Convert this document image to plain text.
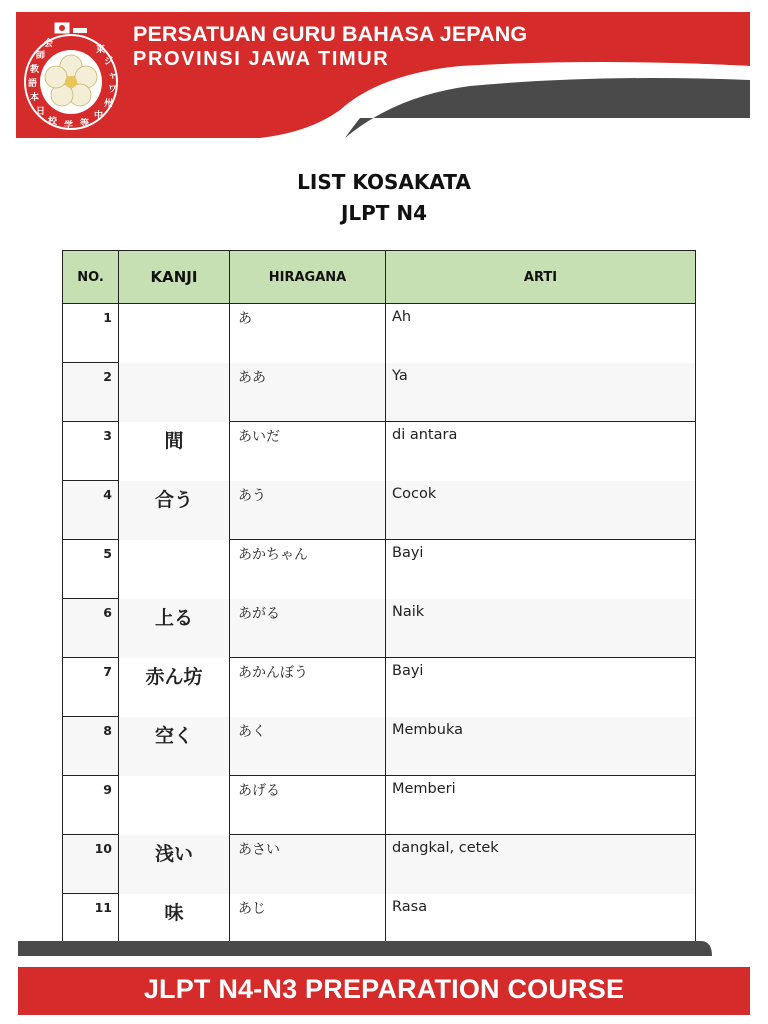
教
語
本
日
校 学 等
中
州
ワ
ャ
ジ
東
師
会	PERSATUAN GURU BAHASA JEPANG
PROVINSI JAWA TIMUR
LIST KOSAKATA
JLPT N4
NO.	KANJI	HIRAGANA	ARTI
1		あ	Ah
2		ああ	Ya
3	間	あいだ	di antara
4	合う	あう	Cocok
5		あかちゃん	Bayi
6	上る	あがる	Naik
7	赤ん坊	あかんぼう	Bayi
8	空く	あく	Membuka
9		あげる	Memberi
10	浅い	あさい	dangkal, cetek
11	味	あじ	Rasa
JLPT N4-N3 PREPARATION COURSE
